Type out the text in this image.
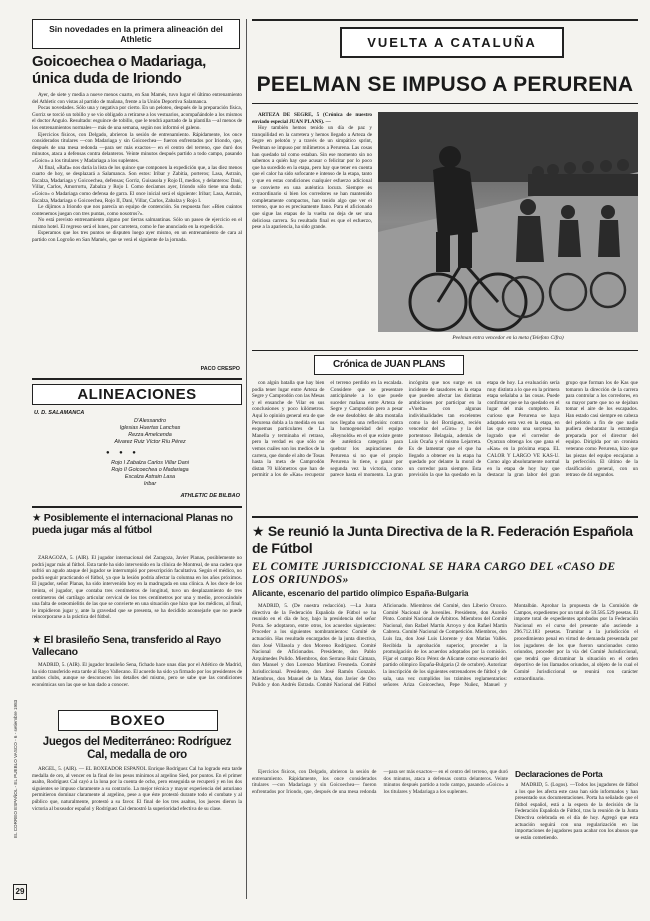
EL CORREO ESPAÑOL - EL PUEBLO VASCO - 6 - setiembre 1983
29
Sin novedades en la primera alineación del Athletic
Goicoechea o Madariaga, única duda de Iriondo

Ayer, de siete y media a nueve menos cuarto, en San Mamés, tuvo lugar el último entrenamiento del Athletic con vistas al partido de mañana, frente a la Unión Deportiva Salamanca.

Pocas novedades. Sólo una y negativa por cierto. En un peloteo, después de la preparación física, Gorriz se torció un tobillo y se vio obligado a retirarse a los vestuarios, acompañándole a los mismos el doctor Angulo. Resultado: esguince de tobillo, que le tendrá apartado de la plantilla —al menos de los entrenamientos normales— más de una semana, según nos informó el galeno.

Ejercicios físicos, con Delgado, abrieron la sesión de entrenamiento. Rápidamente, los once considerados titulares —con Madariaga y sin Goicoechea— fueron enfrentados por Iriondo, que, después de una mesa redonda —para ser más exactos— en el centro del terreno, que duró dos minutos, ataca a defensas contra delanteros. Veinte minutos después partido a todo campo, pasando «Goico» a los titulares y Madariaga a los suplentes.

Al final, «Rafa» nos daría la lista de los quince que componen la expedición que, a las diez menos cuarto de hoy, se desplazará a Salamanca. Son estos: Iribar y Zabitia, porteros; Lasa, Astrain, Escalza, Madariaga y Goicoechea, defensas; Gorriz, Guisasola y Rojo II, medios, y delanteros: Dani, Villar, Carlos, Amorrortu, Zabalza y Rojo I. Como decíamos ayer, Iriondo sólo tiene una duda: «Goico» o Madariaga como defensa de garra. El once inicial será el siguiente: Iribar; Lasa, Astrain, Escalza, Madariaga o Goicoechea, Rojo II, Dani, Villar, Carlos, Zabalza y Rojo I.

Le dijimos a Iriondo que nos parecía un equipo de contención. Su respuesta fue: «Bien cuántos contenemos juegan con tres puntas, como nosotros?».

No está previsto entrenamiento alguno por tierras salmantinas. Sólo un paseo de ejercicio en el mismo hotel. El regreso será el lunes, por carretera, como le fue anunciado en la expedición.

Esperamos que los tres puntos se disputen luego ayer mismo, en un entrenamiento de cara al partido con Logroño en San Mamés, que se verá el siguiente de la jornada.

PACO CRESPO
ALINEACIONES
U. D. SALAMANCA
D'Alessandro
Iglesias Huertas Lanchas
Rezza Amelcenda
Alvarez Ruiz Víctor Ríu Pérez
● ● ●
Rojo I Zabalza Carlos Villar Dani
Rojo II Goicoechea o Madariaga
Escalza Astrain Lasa
Iribar
ATHLETIC DE BILBAO
★ Posiblemente el internacional Planas no pueda jugar más al fútbol

ZARAGOZA, 5. (AIR). El jugador internacional del Zaragoza, Javier Planas, posiblemente no podrá jugar más al fútbol. Esta tarde ha sido intervenido en la clínica de Montreal, de una cadera que sufrió un agudo ataque del jugador se interrumpió por prescripción facultativa. Según el médico, no podrá seguir practicando el fútbol, ya que la lesión podría afectar la columna en los años próximos. El jugador, señor Planas, ha sido intervenido hoy en la madrugada en una clínica. A los doce de los treinta, el jugador, que contaba tres centímetros de longitud, tuvo un desplazamiento de tres centímetros del cartílago articular cervical de los tres centímetros por una y medio, provocándole una falta de osteomielitis de las que se convierte en una situación que hizo que los médicos, al final, le impidieron jugar y, ante la gravedad que se presenta, se ha decidido aconsejarle que no puede reincorporarse a la práctica del fútbol.

★ El brasileño Sena, transferido al Rayo Vallecano

MADRID, 5. (AIR). El jugador brasileño Sena, fichado hace unas días por el Atlético de Madrid, ha sido transferido esta tarde al Rayo Vallecano. El acuerdo ha sido ya firmado por los presidentes de ambos clubs, aunque se desconocen los detalles del mismo, pero se sabe que las condiciones económicas son las que se han dado a conocer.

BOXEO
Juegos del Mediterráneo: Rodríguez Cal, medalla de oro

ARGEL, 5. (AIR). — EL BOXEADOR ESPAÑOL Enrique Rodríguez Cal ha logrado esta tarde medalla de oro, al vencer en la final de los pesos mínimos al argelino Sied, por puntos. En el primer asalto, Rodríguez Cal cayó a la lona por la cuenta de ocho, pero enseguida se recuperó y en los dos siguientes se impuso claramente a su contrario. La mejor técnica y mayor experiencia del asturiano permitieron dominar claramente al argelino, pese a que éste protestó durante todo el combate y al público que, naturalmente, protestó a su favor. El final de los tres asaltos, los jueces dieron la victoria al boxeador español y Rodríguez Cal demostró la superioridad efectiva de su clase.

VUELTA A CATALUÑA
PEELMAN SE IMPUSO A PERURENA

ARTEZA DE SEGRE, 5 (Crónica de nuestro enviado especial JUAN PLANS). —

Hoy también hemos tenido un día de paz y tranquilidad en la carretera y hemos llegado a Arteza de Segre en pelotón y a través de un simpático sprint, Peelman se impuso por milímetros a Perurena. Las cosas han quedado tal como estaban. Sin ese momento sin no sabemos a quién hay que acusar o felicitar por lo poco que ha sucedido en la etapa, pero hay que tener en cuenta que el calor ha sido sofocante e intenso de la etapa, tanto y que en estas condiciones cualquier esfuerzo adicional se convierte en una auténtica locura. Siempre es extraordinario si bien los corredores se han mantenido completamente compactos, han tenido algo que ver el terreno, que no es precisamente llano. Para el aficionado que sigue las etapas de la vuelta no deja de ser una deliciosa carrera. Su resultado final es que el esfuerzo, pese a la apariencia, ha sido grande.

Peelman entra vencedor en la meta (Telefoto Cifra)
Crónica de JUAN PLANS

con algún batalla que hay bien podía tener lugar entre Arteza de Segre y Camprodón con las Mesas y el ensanche de Vilar en sus conclusiones y poco kilómetros. Aquí lo opinión general era de que Perurena dobla a la medida en sus esquemas particulares de La Manella y terminaba el retraso, pero la verdad es que sólo no vemos cuáles son los medios de la carrera, que donde el alto de Tosas hasta la meta de Camprodón distan 70 kilómetros que han de permitir a los de «Kas» recuperar el terreno perdido en la escalada. Considere que se presentare anticipársele a lo que puede suceder mañana entre Arteza de Segre y Camprodón pero a pesar de ese desdoblez de alta montaña nos llegaba una reflexión: contra la homogeneidad del equipo «Reynolds» en el que existe gente de auténtica categoría para quebrar los aspiraciones de Perurena si no que el propio Perurena lo tiene, o ganar por segunda vez la victoria, como parece hasta el momento. La gran incógnita que nos surge es un incidente de tasadores en la etapa que pueden afectar las distintas ambiciones por participar en la «Vuelta» con algunas individualidades tan excelentes como la del Borráguez, recién vencedor del «Giro» y la del portentoso Belagaia, además de Luis Ocaña y el mismo Lejarreta. Es de lamentar que el que ha llegado a obtener en la etapa ha quedado por delante la moral de un corredor para siempre. Esta previsión la que ha quedado en la etapa de hoy. La evaluación sería muy distinta a lo que en la primera etapa señalaba a las cosas. Puede confirmar que se ha quedado en el lugar del más completo. Es curioso que Perurena se haya adaptado esta vez en la etapa, en las que como una sorpresa ha logrado que el corredor de Oyarzun obtenga los que gana el «Kas» en la próxima etapa. EL CALOR Y LARGO VE KAS-U. Como algo absolutamente normal en la etapa de hoy hay que destacar la gran labor del gran grupo que forman los de Kas que tomaron la dirección de la carrera para controlar a los corredores, en su mayor parte que no se dejaban tomar el aire de los escapados. Han estado casi siempre en cabeza del pelotón a fin de que nadie pudiera desbaratar la estrategia preparada por el director del equipo. Dirigida por un cronista veterano como Perurena, hizo que las piezas del equipo encajaran a la perfección. El último de la clasificación general, con un retraso de 44 segundos.

★ Se reunió la Junta Directiva de la R. Federación Española de Fútbol
EL COMITE JURISDICCIONAL SE HARA CARGO DEL «CASO DE LOS ORIUNDOS»
Alicante, escenario del partido olímpico España-Bulgaria

MADRID, 5. (De nuestra redacción). —La Junta directiva de la Federación Española de Fútbol se ha reunido en el día de hoy, bajo la presidencia del señor Porta. Se adoptaron, entre otros, los acuerdos siguientes: Proceder a los siguientes nombramientos: Comité de actuación. Has resultado encargados de la junta directiva, don José Villasola y don Moreno Rodríguez. Comité Nacional de Aficionados. Presidente, don Pablo Arquímedes Pulido. Miembros, don Serrano Ruiz Cámara, don Manuel y don Lorenzo Martínez Fresneda. Comité Jurisdiccional. Presidente, don José Ramón Gonzalo. Miembros, don Manuel de la Mata, don Javier de Oro Pulido y don Andrés Estrada. Comité Nacional del Fútbol Aficionado. Miembros del Comité, don Liberio Orozco. Comité Nacional de Juveniles. Presidente, don Aurelio Pinto. Comité Nacional de Árbitros. Miembros del Comité Nacional, don Rafael Martín Arroyo y don Rafael Martín Cabrera. Comité Nacional de Competición. Miembros, don Luis Iza, don José Luis Llorente y don Matías Vallés. Recibida la aprobación superior, proceder a la promulgación de los acuerdos adoptados por la comisión. Fijar el campo Rico Pérez de Alicante como escenario del partido olímpico España-Bulgaria (2 de octubre). Autorizar la inscripción de los siguientes entrenadores de fútbol y de sala, una vez cumplidos los trámites reglamentarios: señores Ariza Goicoechea, Pepe Nuñez, Manuel y Montalbán. Aprobar la propuesta de la Comisión de Campos, expedientes por un total de 59.585.529 pesetas. El importe total de expedientes aprobados por la Federación Nacional en el curso del presente año asciende a 296.712.183 pesetas. Tramitar a la jurisdicción el procedimiento penal en virtud de demanda presentada por los jugadores de los que fueron sancionados como oriundos, proceder por la vía del Comité Jurisdiccional, que tendrá que dictaminar la situación en el orden deportivo de los llamados oriundos, al objeto de lo cual el Comité Jurisdiccional se reunirá con carácter extraordinario.

Declaraciones de Porta

MADRID, 5. (Logos). —Todos los jugadores de fútbol a los que les afecta este caso han sido informados y han presentado sus documentaciones. Porta ha señalado que el fútbol español, está a la espera de la decisión de la Federación Española de Fútbol, tras la reunión de la Junta Directiva celebrada en el día de hoy. Agregó que esta actuación seguirá con una regularización en las importaciones de jugadores para acabar con los abusos que se están cometiendo.

Ejercicios físicos, con Delgado, abrieron la sesión de entrenamiento. Rápidamente, los once considerados titulares —con Madariaga y sin Goicoechea— fueron enfrentados por Iriondo, que, después de una mesa redonda —para ser más exactos— en el centro del terreno, que duró dos minutos, ataca a defensas contra delanteros. Veinte minutos después partido a todo campo, pasando «Goico» a los titulares y Madariaga a los suplentes.
